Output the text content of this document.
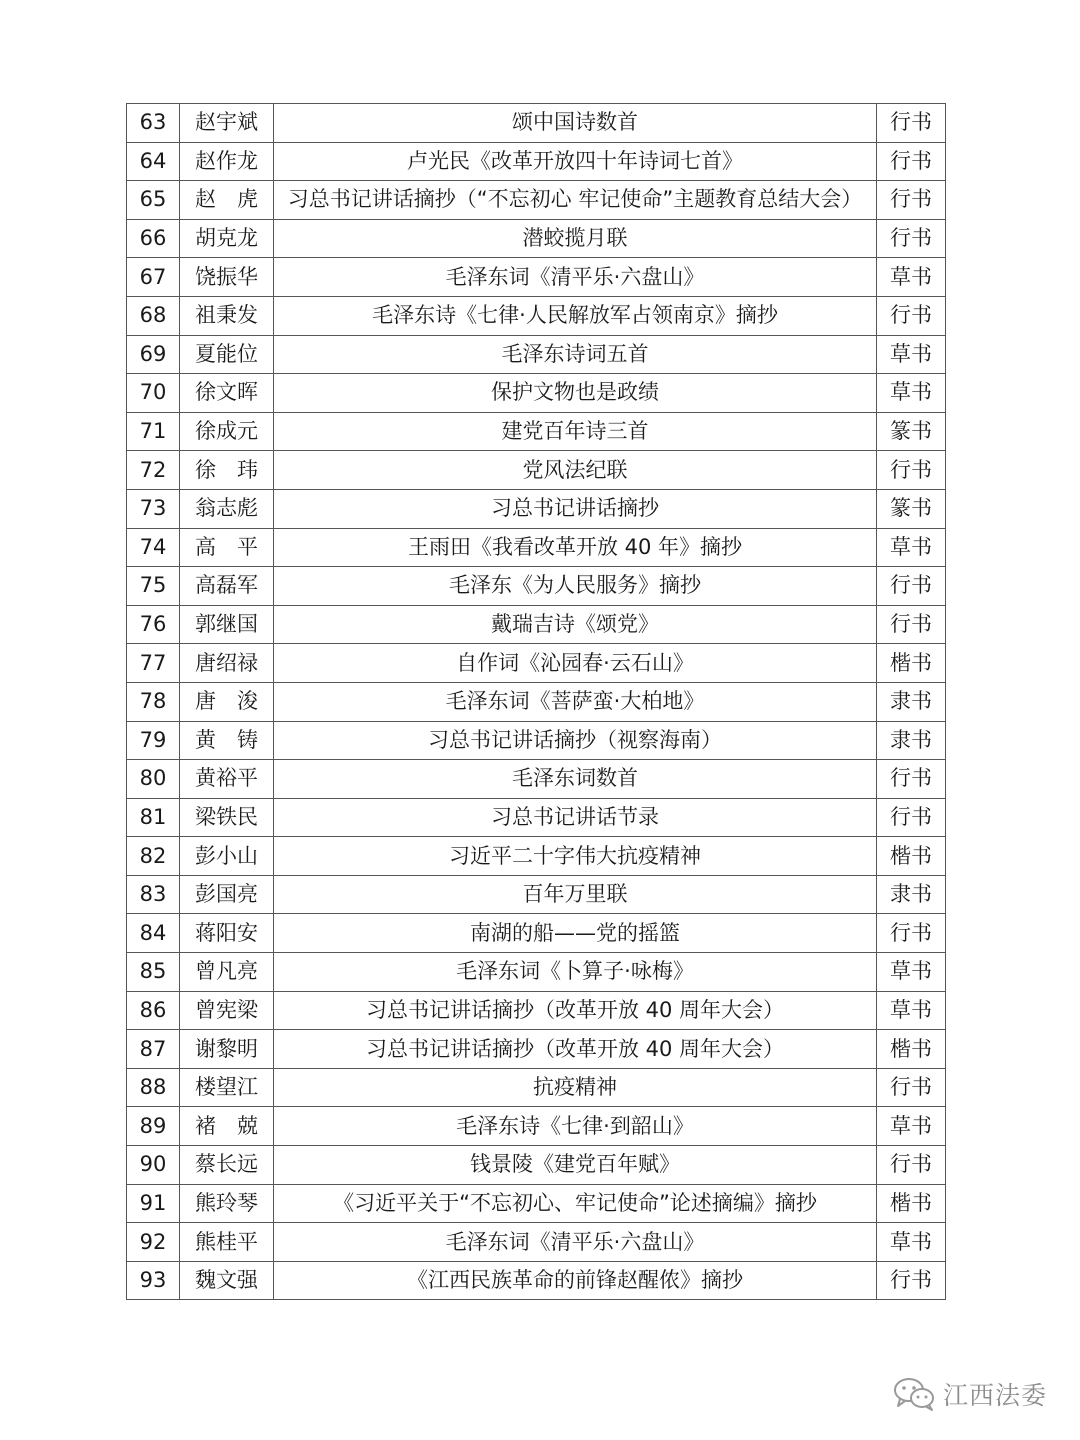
63	赵宇斌	颂中国诗数首	行书
64	赵作龙	卢光民《改革开放四十年诗词七首》	行书
65	赵　虎	习总书记讲话摘抄（“不忘初心 牢记使命”主题教育总结大会）	行书
66	胡克龙	潜蛟揽月联	行书
67	饶振华	毛泽东词《清平乐·六盘山》	草书
68	祖秉发	毛泽东诗《七律·人民解放军占领南京》摘抄	行书
69	夏能位	毛泽东诗词五首	草书
70	徐文晖	保护文物也是政绩	草书
71	徐成元	建党百年诗三首	篆书
72	徐　玮	党风法纪联	行书
73	翁志彪	习总书记讲话摘抄	篆书
74	高　平	王雨田《我看改革开放 40 年》摘抄	草书
75	高磊军	毛泽东《为人民服务》摘抄	行书
76	郭继国	戴瑞吉诗《颂党》	行书
77	唐绍禄	自作词《沁园春·云石山》	楷书
78	唐　浚	毛泽东词《菩萨蛮·大柏地》	隶书
79	黄　铸	习总书记讲话摘抄（视察海南）	隶书
80	黄裕平	毛泽东词数首	行书
81	梁铁民	习总书记讲话节录	行书
82	彭小山	习近平二十字伟大抗疫精神	楷书
83	彭国亮	百年万里联	隶书
84	蒋阳安	南湖的船——党的摇篮	行书
85	曾凡亮	毛泽东词《卜算子·咏梅》	草书
86	曾宪梁	习总书记讲话摘抄（改革开放 40 周年大会）	草书
87	谢黎明	习总书记讲话摘抄（改革开放 40 周年大会）	楷书
88	楼望江	抗疫精神	行书
89	褚　兢	毛泽东诗《七律·到韶山》	草书
90	蔡长远	钱景陵《建党百年赋》	行书
91	熊玲琴	《习近平关于“不忘初心、牢记使命”论述摘编》摘抄	楷书
92	熊桂平	毛泽东词《清平乐·六盘山》	草书
93	魏文强	《江西民族革命的前锋赵醒侬》摘抄	行书
江西法委
